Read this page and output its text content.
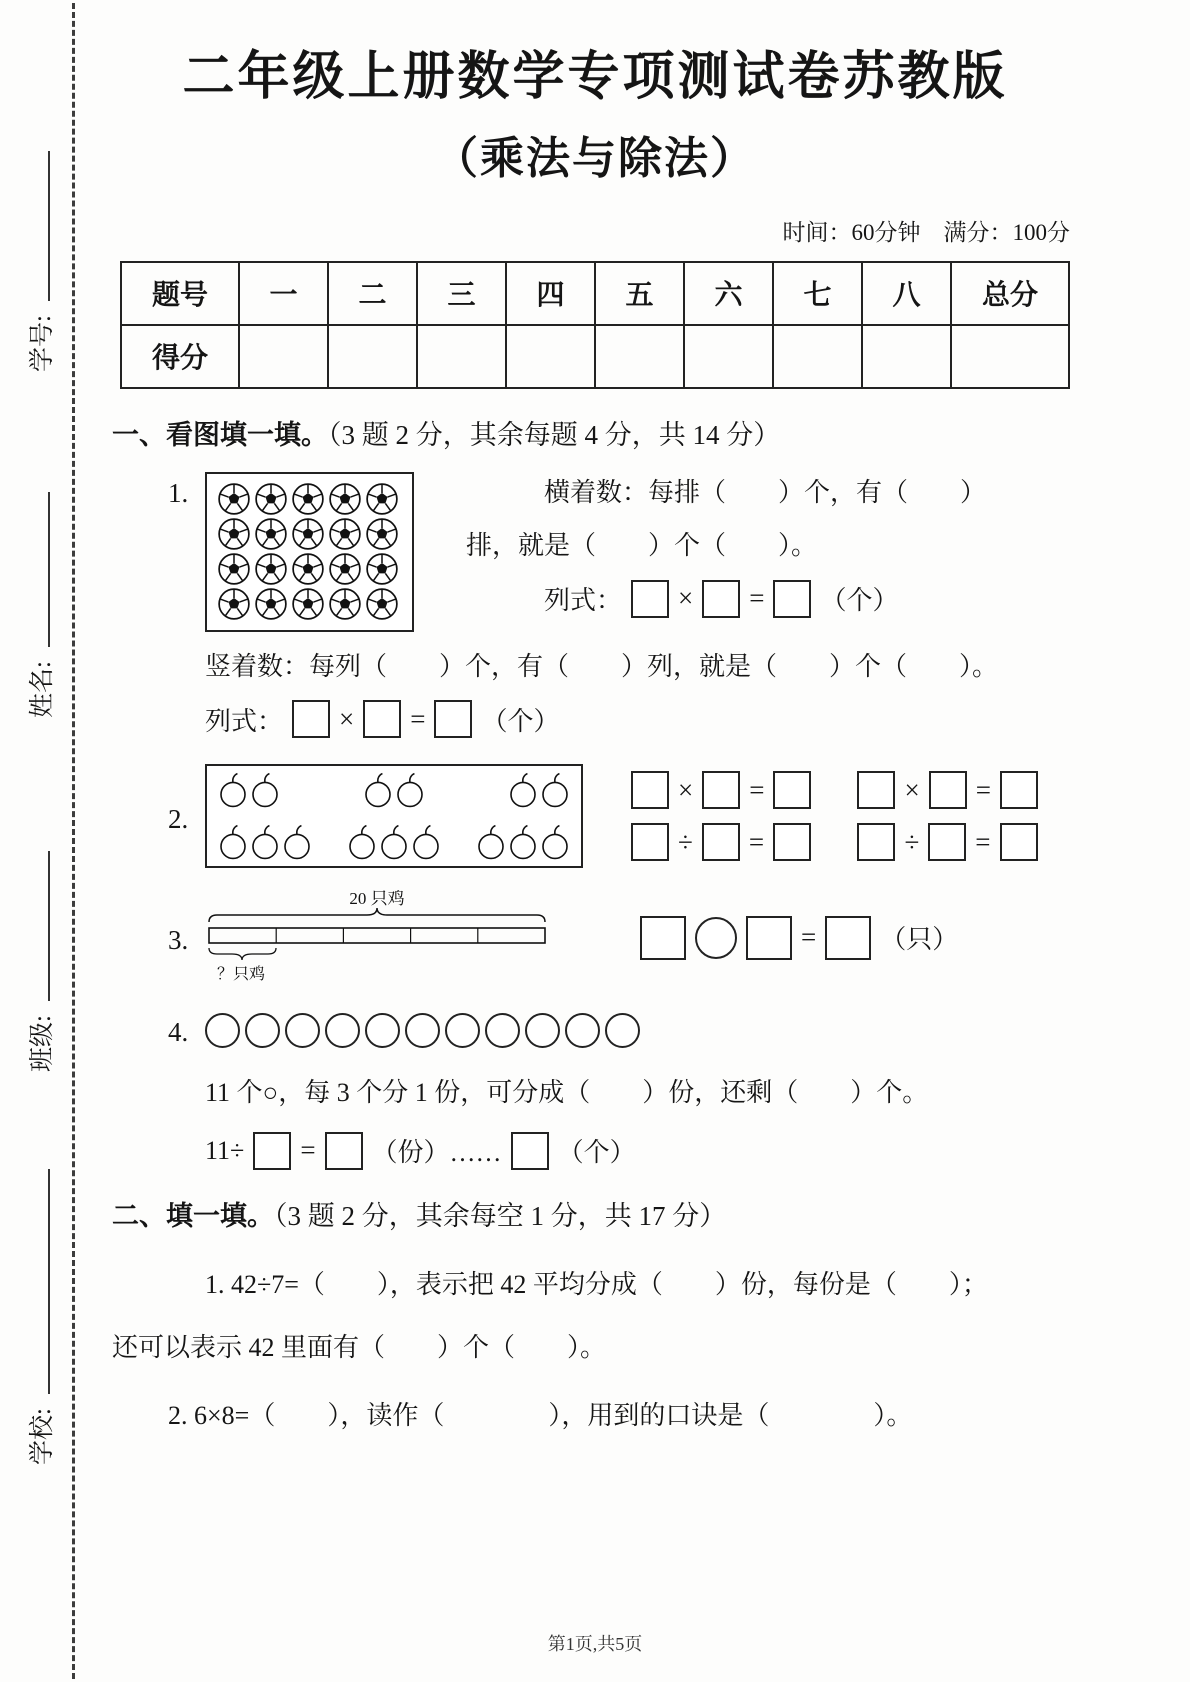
学号:
姓名:
班级:
学校:
二年级上册数学专项测试卷苏教版
（乘法与除法）
时间：60分钟　满分：100分
题号	一	二	三	四	五	六	七	八	总分
得分									
一、看图填一填。（3 题 2 分，其余每题 4 分，共 14 分）
1.	横着数：每排（　　）个，有（　　）
排，就是（　　）个（　　）。
列式： × = （个）
竖着数：每列（　　）个，有（　　）列，就是（　　）个（　　）。
列式： × = （个）
2.
× =	× =
÷ =	÷ =
3.
20 只鸡
？只鸡
= （只）
4.
11 个○，每 3 个分 1 份，可分成（　　）份，还剩（　　）个。
11÷ = （份）…… （个）
二、填一填。（3 题 2 分，其余每空 1 分，共 17 分）
1. 42÷7=（　　），表示把 42 平均分成（　　）份，每份是（　　）；
还可以表示 42 里面有（　　）个（　　）。
2. 6×8=（　　），读作（　　　　），用到的口诀是（　　　　）。
第1页,共5页
